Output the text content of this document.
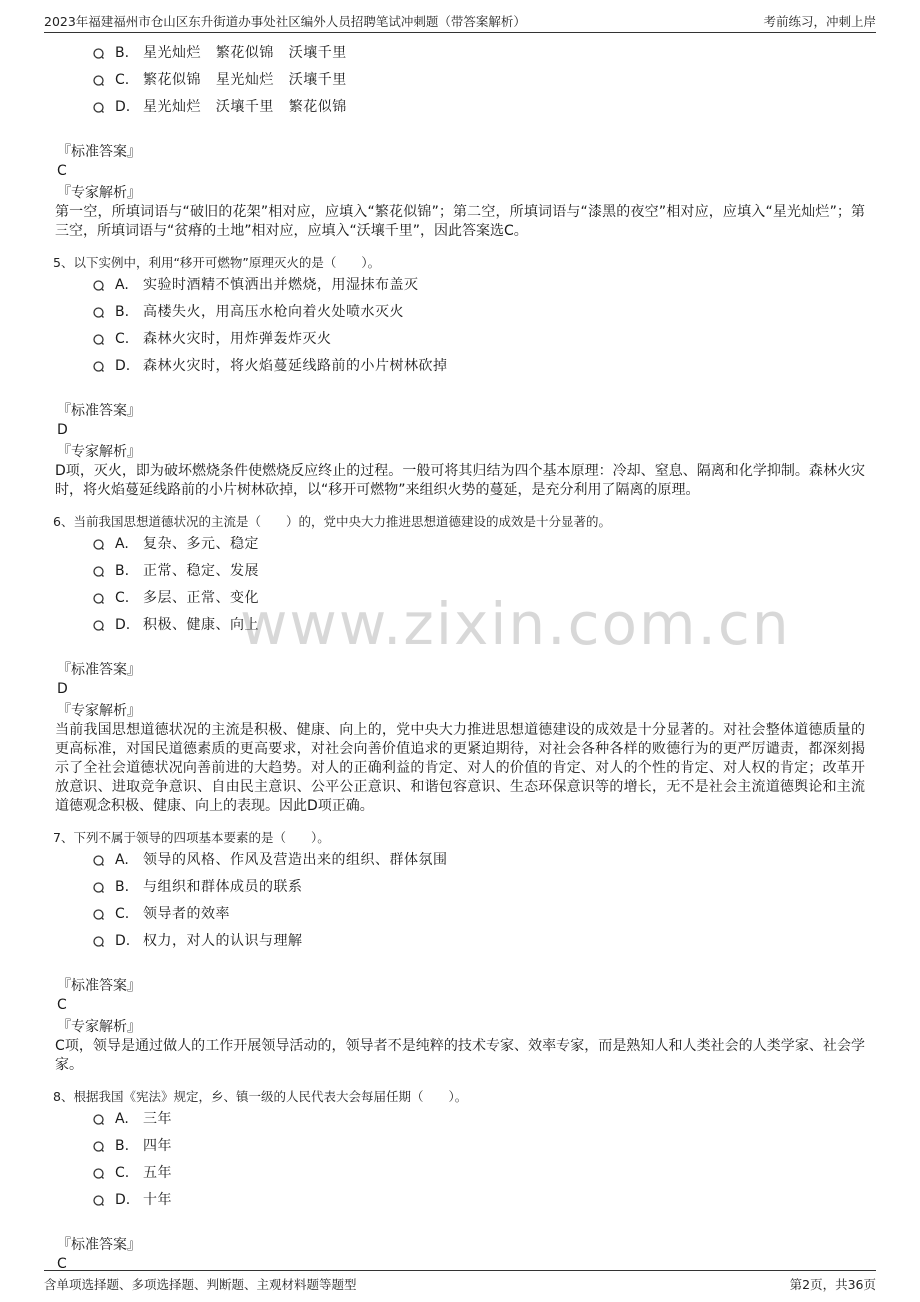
2023年福建福州市仓山区东升街道办事处社区编外人员招聘笔试冲刺题（带答案解析）	考前练习，冲刺上岸
www.zixin.com.cn
B. 星光灿烂   繁花似锦   沃壤千里
C. 繁花似锦   星光灿烂   沃壤千里
D. 星光灿烂   沃壤千里   繁花似锦
『标准答案』
C
『专家解析』

第一空，所填词语与“破旧的花架”相对应，应填入“繁花似锦”；第二空，所填词语与“漆黑的夜空”相对应，应填入“星光灿烂”；第三空，所填词语与“贫瘠的土地”相对应，应填入“沃壤千里”，因此答案选C。

5、以下实例中，利用“移开可燃物”原理灭火的是（　　）。
A. 实验时酒精不慎洒出并燃烧，用湿抹布盖灭
B. 高楼失火，用高压水枪向着火处喷水灭火
C. 森林火灾时，用炸弹轰炸灭火
D. 森林火灾时，将火焰蔓延线路前的小片树林砍掉
『标准答案』
D
『专家解析』

D项，灭火，即为破坏燃烧条件使燃烧反应终止的过程。一般可将其归结为四个基本原理：冷却、窒息、隔离和化学抑制。森林火灾时，将火焰蔓延线路前的小片树林砍掉，以“移开可燃物”来组织火势的蔓延，是充分利用了隔离的原理。

6、当前我国思想道德状况的主流是（　　）的，党中央大力推进思想道德建设的成效是十分显著的。
A. 复杂、多元、稳定
B. 正常、稳定、发展
C. 多层、正常、变化
D. 积极、健康、向上
『标准答案』
D
『专家解析』

当前我国思想道德状况的主流是积极、健康、向上的，党中央大力推进思想道德建设的成效是十分显著的。对社会整体道德质量的更高标准，对国民道德素质的更高要求，对社会向善价值追求的更紧迫期待，对社会各种各样的败德行为的更严厉谴责，都深刻揭示了全社会道德状况向善前进的大趋势。对人的正确利益的肯定、对人的价值的肯定、对人的个性的肯定、对人权的肯定；改革开放意识、进取竞争意识、自由民主意识、公平公正意识、和谐包容意识、生态环保意识等的增长，无不是社会主流道德舆论和主流道德观念积极、健康、向上的表现。因此D项正确。

7、下列不属于领导的四项基本要素的是（　　）。
A. 领导的风格、作风及营造出来的组织、群体氛围
B. 与组织和群体成员的联系
C. 领导者的效率
D. 权力，对人的认识与理解
『标准答案』
C
『专家解析』

C项，领导是通过做人的工作开展领导活动的，领导者不是纯粹的技术专家、效率专家，而是熟知人和人类社会的人类学家、社会学家。

8、根据我国《宪法》规定，乡、镇一级的人民代表大会每届任期（　　）。
A. 三年
B. 四年
C. 五年
D. 十年
『标准答案』
C
含单项选择题、多项选择题、判断题、主观材料题等题型	第2页，共36页
